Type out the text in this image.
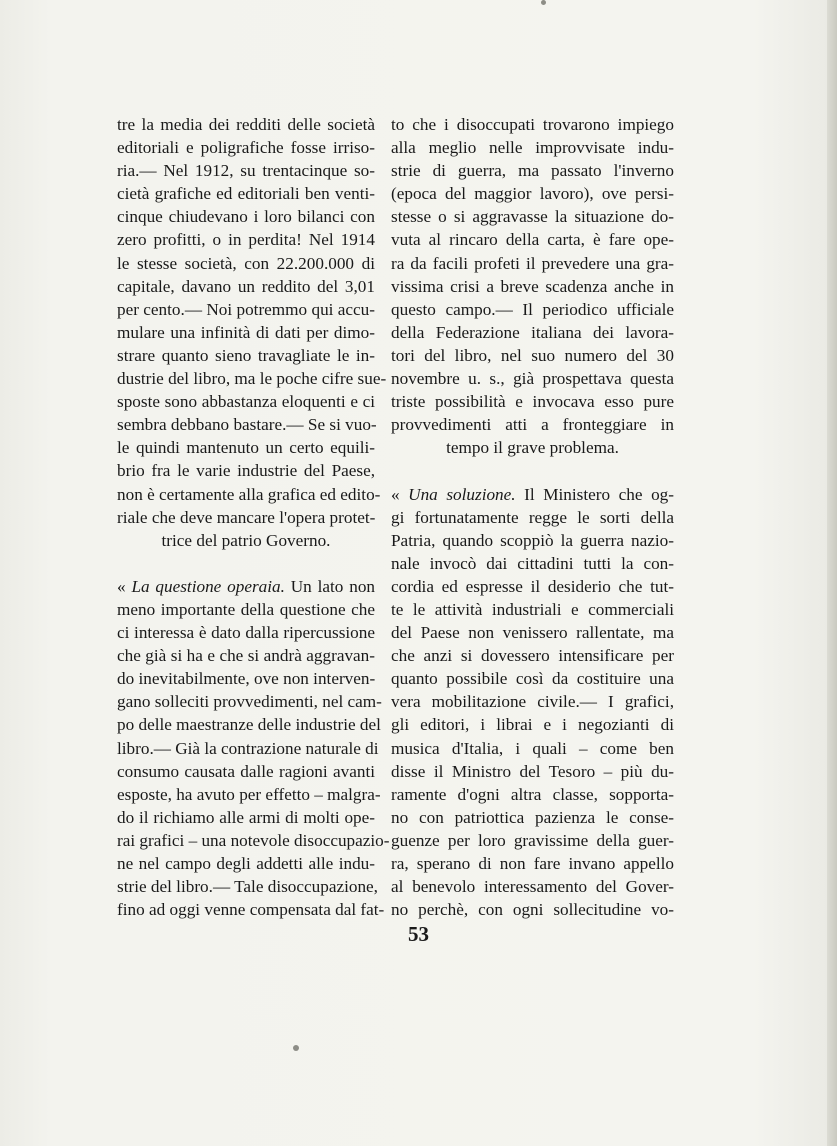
tre la media dei redditi delle società
editoriali e poligrafiche fosse irriso-
ria.— Nel 1912, su trentacinque so-
cietà grafiche ed editoriali ben venti-
cinque chiudevano i loro bilanci con
zero profitti, o in perdita! Nel 1914
le stesse società, con 22.200.000 di
capitale, davano un reddito del 3,01
per cento.— Noi potremmo qui accu-
mulare una infinità di dati per dimo-
strare quanto sieno travagliate le in-
dustrie del libro, ma le poche cifre sue-
sposte sono abbastanza eloquenti e ci
sembra debbano bastare.— Se si vuo-
le quindi mantenuto un certo equili-
brio fra le varie industrie del Paese,
non è certamente alla grafica ed edito-
riale che deve mancare l'opera protet-
trice del patrio Governo.
« La questione operaia. Un lato non
meno importante della questione che
ci interessa è dato dalla ripercussione
che già si ha e che si andrà aggravan-
do inevitabilmente, ove non interven-
gano solleciti provvedimenti, nel cam-
po delle maestranze delle industrie del
libro.— Già la contrazione naturale di
consumo causata dalle ragioni avanti
esposte, ha avuto per effetto – malgra-
do il richiamo alle armi di molti ope-
rai grafici – una notevole disoccupazio-
ne nel campo degli addetti alle indu-
strie del libro.— Tale disoccupazione,
fino ad oggi venne compensata dal fat-
to che i disoccupati trovarono impiego
alla meglio nelle improvvisate indu-
strie di guerra, ma passato l'inverno
(epoca del maggior lavoro), ove persi-
stesse o si aggravasse la situazione do-
vuta al rincaro della carta, è fare ope-
ra da facili profeti il prevedere una gra-
vissima crisi a breve scadenza anche in
questo campo.— Il periodico ufficiale
della Federazione italiana dei lavora-
tori del libro, nel suo numero del 30
novembre u. s., già prospettava questa
triste possibilità e invocava esso pure
provvedimenti atti a fronteggiare in
tempo il grave problema.
« Una soluzione. Il Ministero che og-
gi fortunatamente regge le sorti della
Patria, quando scoppiò la guerra nazio-
nale invocò dai cittadini tutti la con-
cordia ed espresse il desiderio che tut-
te le attività industriali e commerciali
del Paese non venissero rallentate, ma
che anzi si dovessero intensificare per
quanto possibile così da costituire una
vera mobilitazione civile.— I grafici,
gli editori, i librai e i negozianti di
musica d'Italia, i quali – come ben
disse il Ministro del Tesoro – più du-
ramente d'ogni altra classe, sopporta-
no con patriottica pazienza le conse-
guenze per loro gravissime della guer-
ra, sperano di non fare invano appello
al benevolo interessamento del Gover-
no perchè, con ogni sollecitudine vo-
53
